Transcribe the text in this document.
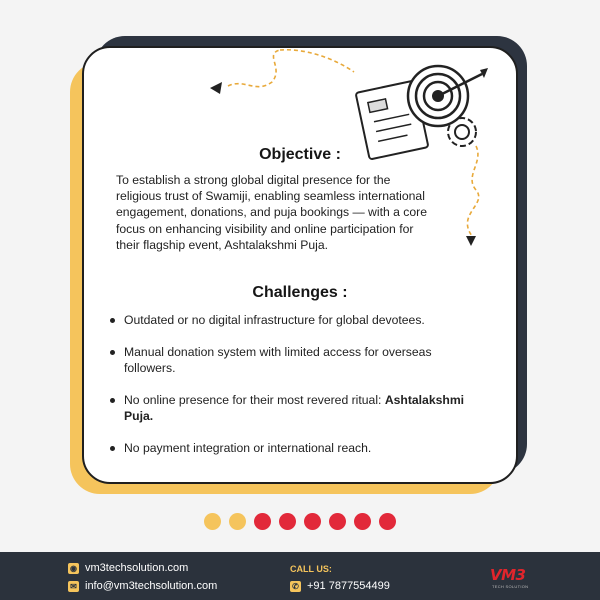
Objective :

To establish a strong global digital presence for the religious trust of Swamiji, enabling seamless international engagement, donations, and puja bookings — with a core focus on enhancing visibility and online participation for their flagship event, Ashtalakshmi Puja.

Challenges :
Outdated or no digital infrastructure for global devotees.
Manual donation system with limited access for overseas followers.
No online presence for their most revered ritual: Ashtalakshmi Puja.
No payment integration or international reach.
◉ vm3techsolution.com
✉ info@vm3techsolution.com
CALL US:
✆ +91 7877554499
VM3
TECH SOLUTION
